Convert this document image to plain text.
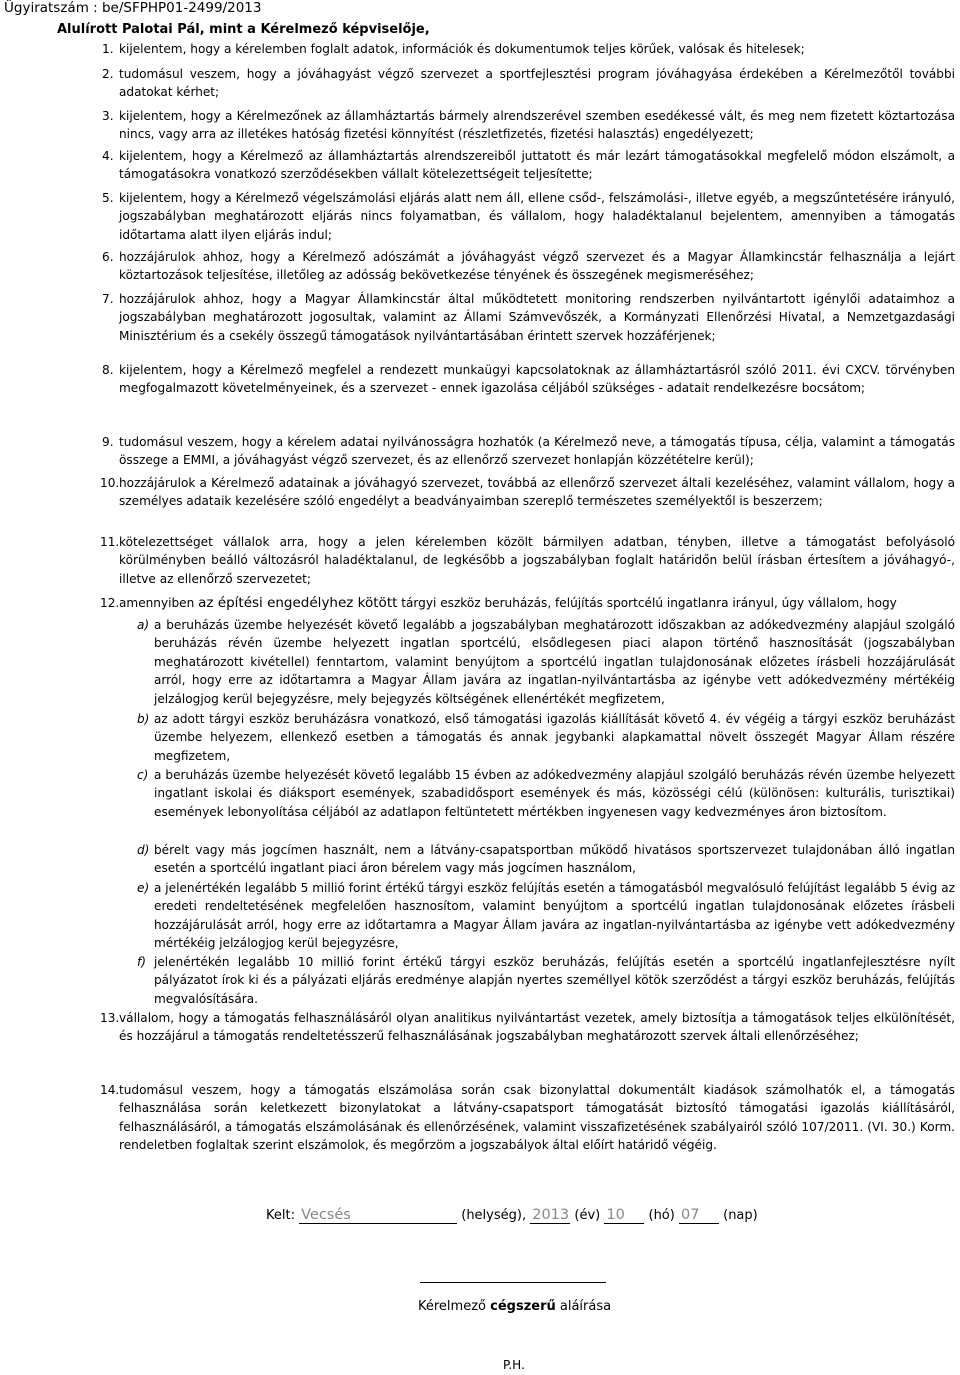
Ügyiratszám : be/SFPHP01-2499/2013
Alulírott Palotai Pál, mint a Kérelmező képviselője,
1. kijelentem, hogy a kérelemben foglalt adatok, információk és dokumentumok teljes körűek, valósak és hitelesek;
2. tudomásul veszem, hogy a jóváhagyást végző szervezet a sportfejlesztési program jóváhagyása érdekében a Kérelmezőtől további adatokat kérhet;
3. kijelentem, hogy a Kérelmezőnek az államháztartás bármely alrendszerével szemben esedékessé vált, és meg nem fizetett köztartozása nincs, vagy arra az illetékes hatóság fizetési könnyítést (részletfizetés, fizetési halasztás) engedélyezett;
4. kijelentem, hogy a Kérelmező az államháztartás alrendszereiből juttatott és már lezárt támogatásokkal megfelelő módon elszámolt, a támogatásokra vonatkozó szerződésekben vállalt kötelezettségeit teljesítette;
5. kijelentem, hogy a Kérelmező végelszámolási eljárás alatt nem áll, ellene csőd-, felszámolási-, illetve egyéb, a megszűntetésére irányuló, jogszabályban meghatározott eljárás nincs folyamatban, és vállalom, hogy haladéktalanul bejelentem, amennyiben a támogatás időtartama alatt ilyen eljárás indul;
6. hozzájárulok ahhoz, hogy a Kérelmező adószámát a jóváhagyást végző szervezet és a Magyar Államkincstár felhasználja a lejárt köztartozások teljesítése, illetőleg az adósság bekövetkezése tényének és összegének megismeréséhez;
7. hozzájárulok ahhoz, hogy a Magyar Államkincstár által működtetett monitoring rendszerben nyilvántartott igénylői adataimhoz a jogszabályban meghatározott jogosultak, valamint az Állami Számvevőszék, a Kormányzati Ellenőrzési Hivatal, a Nemzetgazdasági Minisztérium és a csekély összegű támogatások nyilvántartásában érintett szervek hozzáférjenek;
8. kijelentem, hogy a Kérelmező megfelel a rendezett munkaügyi kapcsolatoknak az államháztartásról szóló 2011. évi CXCV. törvényben megfogalmazott követelményeinek, és a szervezet - ennek igazolása céljából szükséges - adatait rendelkezésre bocsátom;
9. tudomásul veszem, hogy a kérelem adatai nyilvánosságra hozhatók (a Kérelmező neve, a támogatás típusa, célja, valamint a támogatás összege a EMMI, a jóváhagyást végző szervezet, és az ellenőrző szervezet honlapján közzétételre kerül);
10. hozzájárulok a Kérelmező adatainak a jóváhagyó szervezet, továbbá az ellenőrző szervezet általi kezeléséhez, valamint vállalom, hogy a személyes adataik kezelésére szóló engedélyt a beadványaimban szereplő természetes személyektől is beszerzem;
11. kötelezettséget vállalok arra, hogy a jelen kérelemben közölt bármilyen adatban, tényben, illetve a támogatást befolyásoló körülményben beálló változásról haladéktalanul, de legkésőbb a jogszabályban foglalt határidőn belül írásban értesítem a jóváhagyó-, illetve az ellenőrző szervezetet;
12. amennyiben az építési engedélyhez kötött tárgyi eszköz beruházás, felújítás sportcélú ingatlanra irányul, úgy vállalom, hogy
a) a beruházás üzembe helyezését követő legalább a jogszabályban meghatározott időszakban az adókedvezmény alapjául szolgáló beruházás révén üzembe helyezett ingatlan sportcélú, elsődlegesen piaci alapon történő hasznosítását (jogszabályban meghatározott kivétellel) fenntartom, valamint benyújtom a sportcélú ingatlan tulajdonosának előzetes írásbeli hozzájárulását arról, hogy erre az időtartamra a Magyar Állam javára az ingatlan-nyilvántartásba az igénybe vett adókedvezmény mértékéig jelzálogjog kerül bejegyzésre, mely bejegyzés költségének ellenértékét megfizetem,
b) az adott tárgyi eszköz beruházásra vonatkozó, első támogatási igazolás kiállítását követő 4. év végéig a tárgyi eszköz beruházást üzembe helyezem, ellenkező esetben a támogatás és annak jegybanki alapkamattal növelt összegét Magyar Állam részére megfizetem,
c) a beruházás üzembe helyezését követő legalább 15 évben az adókedvezmény alapjául szolgáló beruházás révén üzembe helyezett ingatlant iskolai és diáksport események, szabadidősport események és más, közösségi célú (különösen: kulturális, turisztikai) események lebonyolítása céljából az adatlapon feltüntetett mértékben ingyenesen vagy kedvezményes áron biztosítom.
d) bérelt vagy más jogcímen használt, nem a látvány-csapatsportban működő hivatásos sportszervezet tulajdonában álló ingatlan esetén a sportcélú ingatlant piaci áron bérelem vagy más jogcímen használom,
e) a jelenértékén legalább 5 millió forint értékű tárgyi eszköz felújítás esetén a támogatásból megvalósuló felújítást legalább 5 évig az eredeti rendeltetésének megfelelően hasznosítom, valamint benyújtom a sportcélú ingatlan tulajdonosának előzetes írásbeli hozzájárulását arról, hogy erre az időtartamra a Magyar Állam javára az ingatlan-nyilvántartásba az igénybe vett adókedvezmény mértékéig jelzálogjog kerül bejegyzésre,
f) jelenértékén legalább 10 millió forint értékű tárgyi eszköz beruházás, felújítás esetén a sportcélú ingatlanfejlesztésre nyílt pályázatot írok ki és a pályázati eljárás eredménye alapján nyertes személlyel kötök szerződést a tárgyi eszköz beruházás, felújítás megvalósítására.
13. vállalom, hogy a támogatás felhasználásáról olyan analitikus nyilvántartást vezetek, amely biztosítja a támogatások teljes elkülönítését, és hozzájárul a támogatás rendeltetésszerű felhasználásának jogszabályban meghatározott szervek általi ellenőrzéséhez;
14. tudomásul veszem, hogy a támogatás elszámolása során csak bizonylattal dokumentált kiadások számolhatók el, a támogatás felhasználása során keletkezett bizonylatokat a látvány-csapatsport támogatását biztosító támogatási igazolás kiállításáról, felhasználásáról, a támogatás elszámolásának és ellenőrzésének, valamint visszafizetésének szabályairól szóló 107/2011. (VI. 30.) Korm. rendeletben foglaltak szerint elszámolok, és megőrzöm a jogszabályok által előírt határidő végéig.
Kelt: Vecsés	(helység), 2013 (év) 10 (hó) 07 (nap)
Kérelmező cégszerű aláírása
P.H.
